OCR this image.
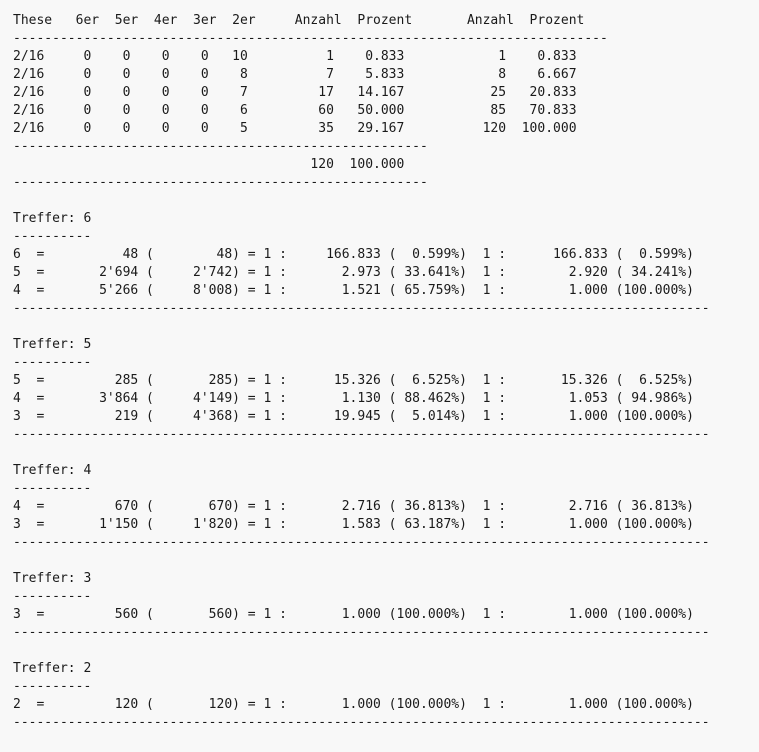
These   6er  5er  4er  3er  2er     Anzahl  Prozent       Anzahl  Prozent
----------------------------------------------------------------------------
2/16     0    0    0    0   10          1    0.833            1    0.833
2/16     0    0    0    0    8          7    5.833            8    6.667
2/16     0    0    0    0    7         17   14.167           25   20.833
2/16     0    0    0    0    6         60   50.000           85   70.833
2/16     0    0    0    0    5         35   29.167          120  100.000
-----------------------------------------------------
120  100.000
-----------------------------------------------------
Treffer: 6
----------
6  =          48 (        48) = 1 :     166.833 (  0.599%)  1 :      166.833 (  0.599%)
5  =       2'694 (     2'742) = 1 :       2.973 ( 33.641%)  1 :        2.920 ( 34.241%)
4  =       5'266 (     8'008) = 1 :       1.521 ( 65.759%)  1 :        1.000 (100.000%)
-----------------------------------------------------------------------------------------
Treffer: 5
----------
5  =         285 (       285) = 1 :      15.326 (  6.525%)  1 :       15.326 (  6.525%)
4  =       3'864 (     4'149) = 1 :       1.130 ( 88.462%)  1 :        1.053 ( 94.986%)
3  =         219 (     4'368) = 1 :      19.945 (  5.014%)  1 :        1.000 (100.000%)
-----------------------------------------------------------------------------------------
Treffer: 4
----------
4  =         670 (       670) = 1 :       2.716 ( 36.813%)  1 :        2.716 ( 36.813%)
3  =       1'150 (     1'820) = 1 :       1.583 ( 63.187%)  1 :        1.000 (100.000%)
-----------------------------------------------------------------------------------------
Treffer: 3
----------
3  =         560 (       560) = 1 :       1.000 (100.000%)  1 :        1.000 (100.000%)
-----------------------------------------------------------------------------------------
Treffer: 2
----------
2  =         120 (       120) = 1 :       1.000 (100.000%)  1 :        1.000 (100.000%)
-----------------------------------------------------------------------------------------
